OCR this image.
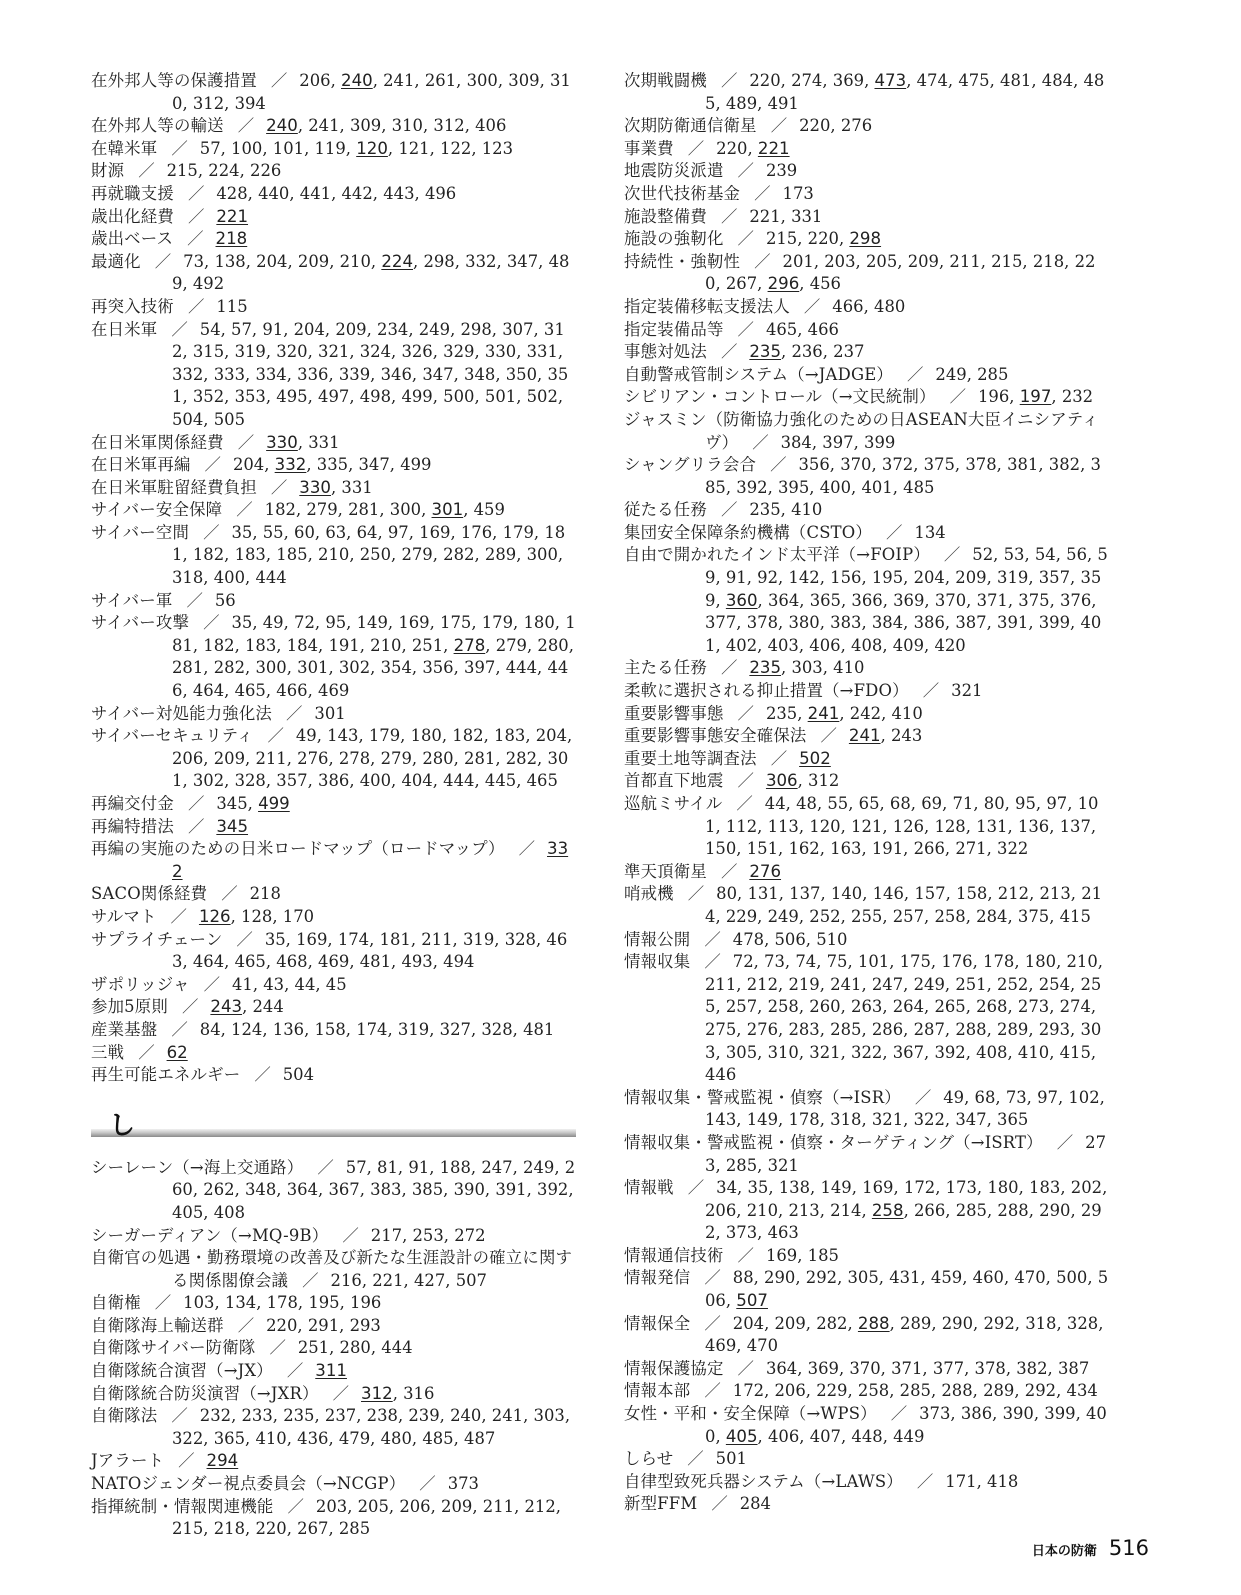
在外邦人等の保護措置 ／ 206, 240, 241, 261, 300, 309, 310, 312, 394
在外邦人等の輸送 ／ 240, 241, 309, 310, 312, 406
在韓米軍 ／ 57, 100, 101, 119, 120, 121, 122, 123
財源 ／ 215, 224, 226
再就職支援 ／ 428, 440, 441, 442, 443, 496
歳出化経費 ／ 221
歳出ベース ／ 218
最適化 ／ 73, 138, 204, 209, 210, 224, 298, 332, 347, 489, 492
再突入技術 ／ 115
在日米軍 ／ 54, 57, 91, 204, 209, 234, 249, 298, 307, 312, 315, 319, 320, 321, 324, 326, 329, 330, 331, 332, 333, 334, 336, 339, 346, 347, 348, 350, 351, 352, 353, 495, 497, 498, 499, 500, 501, 502, 504, 505
在日米軍関係経費 ／ 330, 331
在日米軍再編 ／ 204, 332, 335, 347, 499
在日米軍駐留経費負担 ／ 330, 331
サイバー安全保障 ／ 182, 279, 281, 300, 301, 459
サイバー空間 ／ 35, 55, 60, 63, 64, 97, 169, 176, 179, 181, 182, 183, 185, 210, 250, 279, 282, 289, 300, 318, 400, 444
サイバー軍 ／ 56
サイバー攻撃 ／ 35, 49, 72, 95, 149, 169, 175, 179, 180, 181, 182, 183, 184, 191, 210, 251, 278, 279, 280, 281, 282, 300, 301, 302, 354, 356, 397, 444, 446, 464, 465, 466, 469
サイバー対処能力強化法 ／ 301
サイバーセキュリティ ／ 49, 143, 179, 180, 182, 183, 204, 206, 209, 211, 276, 278, 279, 280, 281, 282, 301, 302, 328, 357, 386, 400, 404, 444, 445, 465
再編交付金 ／ 345, 499
再編特措法 ／ 345
再編の実施のための日米ロードマップ（ロードマップ） ／ 332
SACO関係経費 ／ 218
サルマト ／ 126, 128, 170
サプライチェーン ／ 35, 169, 174, 181, 211, 319, 328, 463, 464, 465, 468, 469, 481, 493, 494
ザポリッジャ ／ 41, 43, 44, 45
参加5原則 ／ 243, 244
産業基盤 ／ 84, 124, 136, 158, 174, 319, 327, 328, 481
三戦 ／ 62
再生可能エネルギー ／ 504
し
シーレーン（→海上交通路） ／ 57, 81, 91, 188, 247, 249, 260, 262, 348, 364, 367, 383, 385, 390, 391, 392, 405, 408
シーガーディアン（→MQ-9B） ／ 217, 253, 272
自衛官の処遇・勤務環境の改善及び新たな生涯設計の確立に関する関係閣僚会議 ／ 216, 221, 427, 507
自衛権 ／ 103, 134, 178, 195, 196
自衛隊海上輸送群 ／ 220, 291, 293
自衛隊サイバー防衛隊 ／ 251, 280, 444
自衛隊統合演習（→JX） ／ 311
自衛隊統合防災演習（→JXR） ／ 312, 316
自衛隊法 ／ 232, 233, 235, 237, 238, 239, 240, 241, 303, 322, 365, 410, 436, 479, 480, 485, 487
Jアラート ／ 294
NATOジェンダー視点委員会（→NCGP） ／ 373
指揮統制・情報関連機能 ／ 203, 205, 206, 209, 211, 212, 215, 218, 220, 267, 285
次期戦闘機 ／ 220, 274, 369, 473, 474, 475, 481, 484, 485, 489, 491
次期防衛通信衛星 ／ 220, 276
事業費 ／ 220, 221
地震防災派遣 ／ 239
次世代技術基金 ／ 173
施設整備費 ／ 221, 331
施設の強靭化 ／ 215, 220, 298
持続性・強靭性 ／ 201, 203, 205, 209, 211, 215, 218, 220, 267, 296, 456
指定装備移転支援法人 ／ 466, 480
指定装備品等 ／ 465, 466
事態対処法 ／ 235, 236, 237
自動警戒管制システム（→JADGE） ／ 249, 285
シビリアン・コントロール（→文民統制） ／ 196, 197, 232
ジャスミン（防衛協力強化のための日ASEAN大臣イニシアティヴ） ／ 384, 397, 399
シャングリラ会合 ／ 356, 370, 372, 375, 378, 381, 382, 385, 392, 395, 400, 401, 485
従たる任務 ／ 235, 410
集団安全保障条約機構（CSTO） ／ 134
自由で開かれたインド太平洋（→FOIP） ／ 52, 53, 54, 56, 59, 91, 92, 142, 156, 195, 204, 209, 319, 357, 359, 360, 364, 365, 366, 369, 370, 371, 375, 376, 377, 378, 380, 383, 384, 386, 387, 391, 399, 401, 402, 403, 406, 408, 409, 420
主たる任務 ／ 235, 303, 410
柔軟に選択される抑止措置（→FDO） ／ 321
重要影響事態 ／ 235, 241, 242, 410
重要影響事態安全確保法 ／ 241, 243
重要土地等調査法 ／ 502
首都直下地震 ／ 306, 312
巡航ミサイル ／ 44, 48, 55, 65, 68, 69, 71, 80, 95, 97, 101, 112, 113, 120, 121, 126, 128, 131, 136, 137, 150, 151, 162, 163, 191, 266, 271, 322
準天頂衛星 ／ 276
哨戒機 ／ 80, 131, 137, 140, 146, 157, 158, 212, 213, 214, 229, 249, 252, 255, 257, 258, 284, 375, 415
情報公開 ／ 478, 506, 510
情報収集 ／ 72, 73, 74, 75, 101, 175, 176, 178, 180, 210, 211, 212, 219, 241, 247, 249, 251, 252, 254, 255, 257, 258, 260, 263, 264, 265, 268, 273, 274, 275, 276, 283, 285, 286, 287, 288, 289, 293, 303, 305, 310, 321, 322, 367, 392, 408, 410, 415, 446
情報収集・警戒監視・偵察（→ISR） ／ 49, 68, 73, 97, 102, 143, 149, 178, 318, 321, 322, 347, 365
情報収集・警戒監視・偵察・ターゲティング（→ISRT） ／ 273, 285, 321
情報戦 ／ 34, 35, 138, 149, 169, 172, 173, 180, 183, 202, 206, 210, 213, 214, 258, 266, 285, 288, 290, 292, 373, 463
情報通信技術 ／ 169, 185
情報発信 ／ 88, 290, 292, 305, 431, 459, 460, 470, 500, 506, 507
情報保全 ／ 204, 209, 282, 288, 289, 290, 292, 318, 328, 469, 470
情報保護協定 ／ 364, 369, 370, 371, 377, 378, 382, 387
情報本部 ／ 172, 206, 229, 258, 285, 288, 289, 292, 434
女性・平和・安全保障（→WPS） ／ 373, 386, 390, 399, 400, 405, 406, 407, 448, 449
しらせ ／ 501
自律型致死兵器システム（→LAWS） ／ 171, 418
新型FFM ／ 284
日本の防衛 516
